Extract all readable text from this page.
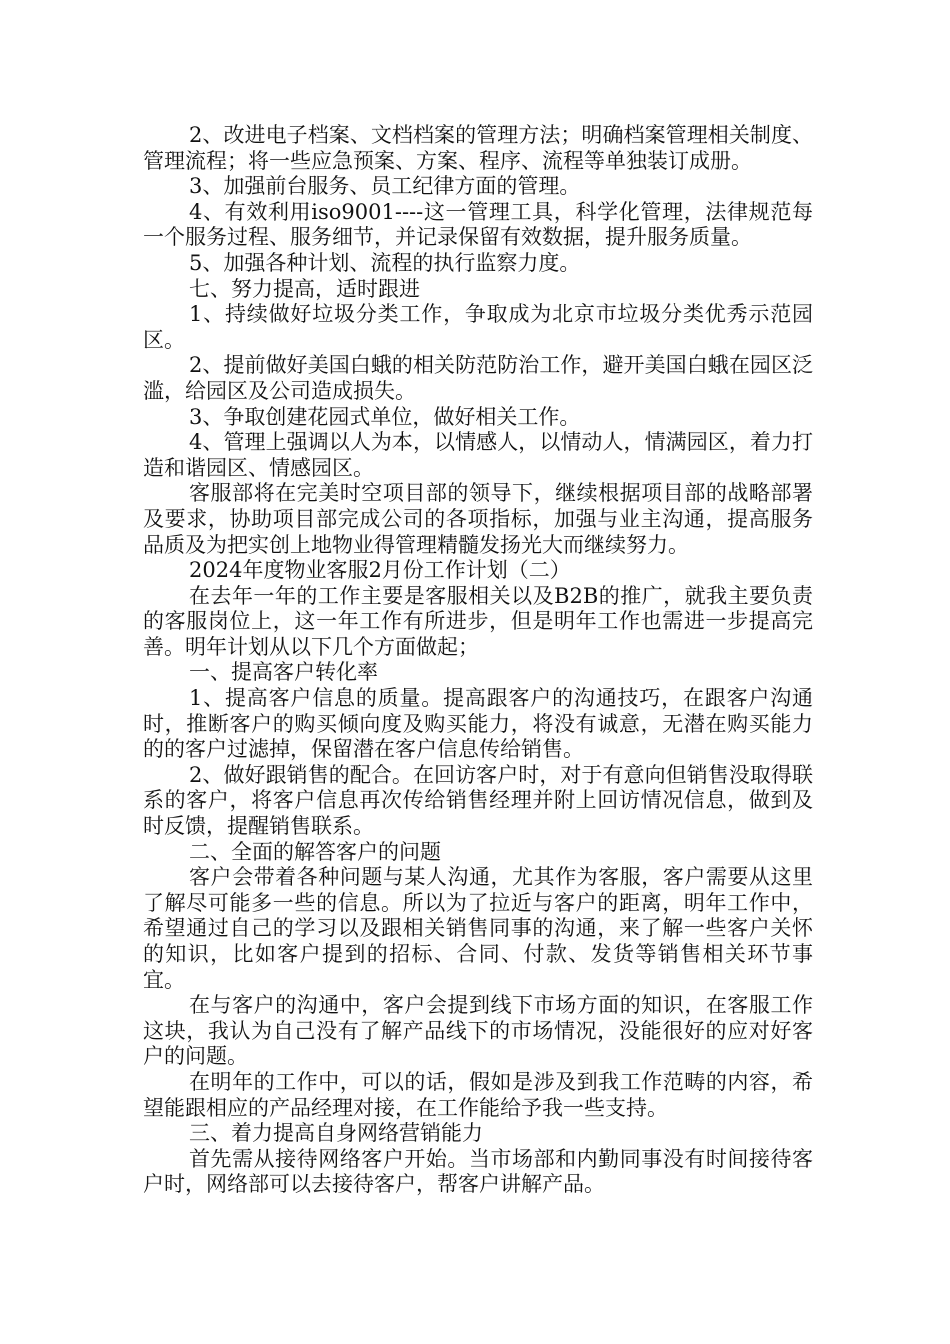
2、改进电子档案、文档档案的管理方法；明确档案管理相关制度、管理流程；将一些应急预案、方案、程序、流程等单独装订成册。

3、加强前台服务、员工纪律方面的管理。

4、有效利用iso9001----这一管理工具，科学化管理，法律规范每一个服务过程、服务细节，并记录保留有效数据，提升服务质量。

5、加强各种计划、流程的执行监察力度。

七、努力提高，适时跟进

1、持续做好垃圾分类工作，争取成为北京市垃圾分类优秀示范园区。

2、提前做好美国白蛾的相关防范防治工作，避开美国白蛾在园区泛滥，给园区及公司造成损失。

3、争取创建花园式单位，做好相关工作。

4、管理上强调以人为本，以情感人，以情动人，情满园区，着力打造和谐园区、情感园区。

客服部将在完美时空项目部的领导下，继续根据项目部的战略部署及要求，协助项目部完成公司的各项指标，加强与业主沟通，提高服务品质及为把实创上地物业得管理精髓发扬光大而继续努力。

2024年度物业客服2月份工作计划（二）

在去年一年的工作主要是客服相关以及B2B的推广，就我主要负责的客服岗位上，这一年工作有所进步，但是明年工作也需进一步提高完善。明年计划从以下几个方面做起；

一、提高客户转化率

1、提高客户信息的质量。提高跟客户的沟通技巧，在跟客户沟通时，推断客户的购买倾向度及购买能力，将没有诚意，无潜在购买能力的的客户过滤掉，保留潜在客户信息传给销售。

2、做好跟销售的配合。在回访客户时，对于有意向但销售没取得联系的客户，将客户信息再次传给销售经理并附上回访情况信息，做到及时反馈，提醒销售联系。

二、全面的解答客户的问题

客户会带着各种问题与某人沟通，尤其作为客服，客户需要从这里了解尽可能多一些的信息。所以为了拉近与客户的距离，明年工作中，希望通过自己的学习以及跟相关销售同事的沟通，来了解一些客户关怀的知识，比如客户提到的招标、合同、付款、发货等销售相关环节事宜。

在与客户的沟通中，客户会提到线下市场方面的知识，在客服工作这块，我认为自己没有了解产品线下的市场情况，没能很好的应对好客户的问题。

在明年的工作中，可以的话，假如是涉及到我工作范畴的内容，希望能跟相应的产品经理对接，在工作能给予我一些支持。

三、着力提高自身网络营销能力

首先需从接待网络客户开始。当市场部和内勤同事没有时间接待客户时，网络部可以去接待客户，帮客户讲解产品。
